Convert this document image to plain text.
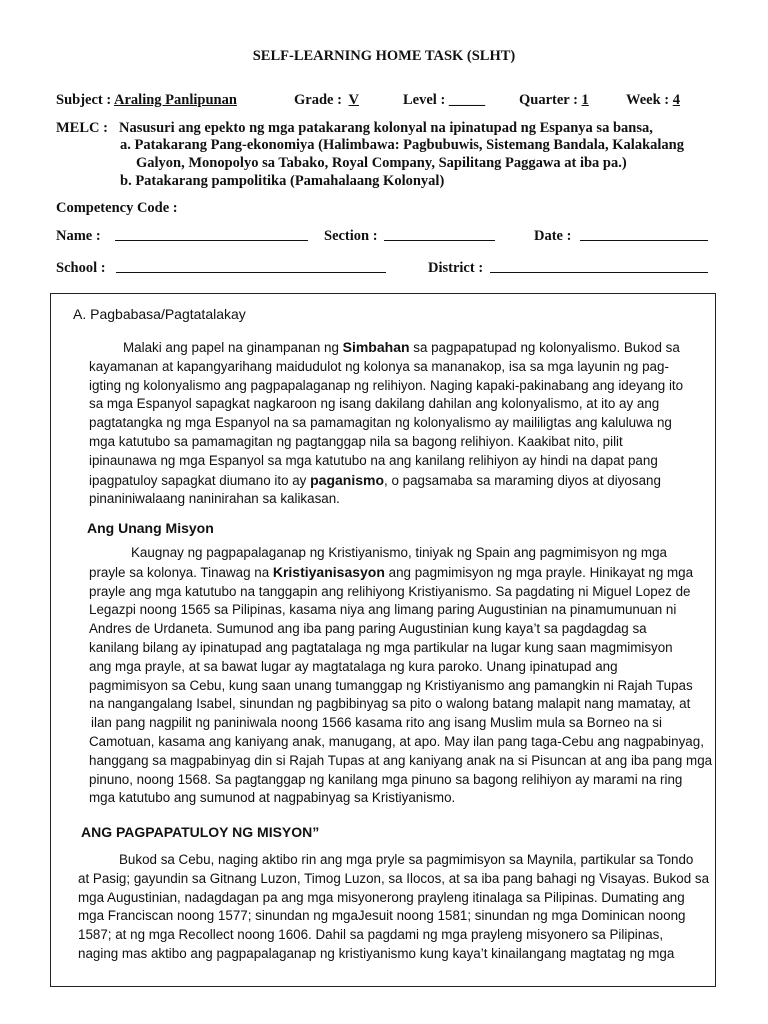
SELF-LEARNING HOME TASK (SLHT)
Subject : Araling Panlipunan	Grade : V	Level : _____ Quarter : 1	Week : 4
MELC : Nasusuri ang epekto ng mga patakarang kolonyal na ipinatupad ng Espanya sa bansa,
a. Patakarang Pang-ekonomiya (Halimbawa: Pagbubuwis, Sistemang Bandala, Kalakalang
Galyon, Monopolyo sa Tabako, Royal Company, Sapilitang Paggawa at iba pa.)
b. Patakarang pampolitika (Pamahalaang Kolonyal)
Competency Code :
Name :	Section :	Date :
School :	District :
A. Pagbabasa/Pagtatalakay
Malaki ang papel na ginampanan ng Simbahan sa pagpapatupad ng kolonyalismo. Bukod sa
kayamanan at kapangyarihang maidudulot ng kolonya sa mananakop, isa sa mga layunin ng pag-
igting ng kolonyalismo ang pagpapalaganap ng relihiyon. Naging kapaki-pakinabang ang ideyang ito
sa mga Espanyol sapagkat nagkaroon ng isang dakilang dahilan ang kolonyalismo, at ito ay ang
pagtatangka ng mga Espanyol na sa pamamagitan ng kolonyalismo ay maililigtas ang kaluluwa ng
mga katutubo sa pamamagitan ng pagtanggap nila sa bagong relihiyon. Kaakibat nito, pilit
ipinaunawa ng mga Espanyol sa mga katutubo na ang kanilang relihiyon ay hindi na dapat pang
ipagpatuloy sapagkat diumano ito ay paganismo, o pagsamaba sa maraming diyos at diyosang
pinaniniwalaang naninirahan sa kalikasan.
Ang Unang Misyon
Kaugnay ng pagpapalaganap ng Kristiyanismo, tiniyak ng Spain ang pagmimisyon ng mga
prayle sa kolonya. Tinawag na Kristiyanisasyon ang pagmimisyon ng mga prayle. Hinikayat ng mga
prayle ang mga katutubo na tanggapin ang relihiyong Kristiyanismo. Sa pagdating ni Miguel Lopez de
Legazpi noong 1565 sa Pilipinas, kasama niya ang limang paring Augustinian na pinamumunuan ni
Andres de Urdaneta. Sumunod ang iba pang paring Augustinian kung kaya’t sa pagdagdag sa
kanilang bilang ay ipinatupad ang pagtatalaga ng mga partikular na lugar kung saan magmimisyon
ang mga prayle, at sa bawat lugar ay magtatalaga ng kura paroko. Unang ipinatupad ang
pagmimisyon sa Cebu, kung saan unang tumanggap ng Kristiyanismo ang pamangkin ni Rajah Tupas
na nangangalang Isabel, sinundan ng pagbibinyag sa pito o walong batang malapit nang mamatay, at
ilan pang nagpilit ng paniniwala noong 1566 kasama rito ang isang Muslim mula sa Borneo na si
Camotuan, kasama ang kaniyang anak, manugang, at apo. May ilan pang taga-Cebu ang nagpabinyag,
hanggang sa magpabinyag din si Rajah Tupas at ang kaniyang anak na si Pisuncan at ang iba pang mga
pinuno, noong 1568. Sa pagtanggap ng kanilang mga pinuno sa bagong relihiyon ay marami na ring
mga katutubo ang sumunod at nagpabinyag sa Kristiyanismo.
ANG PAGPAPATULOY NG MISYON”
Bukod sa Cebu, naging aktibo rin ang mga pryle sa pagmimisyon sa Maynila, partikular sa Tondo
at Pasig; gayundin sa Gitnang Luzon, Timog Luzon, sa Ilocos, at sa iba pang bahagi ng Visayas. Bukod sa
mga Augustinian, nadagdagan pa ang mga misyonerong prayleng itinalaga sa Pilipinas. Dumating ang
mga Franciscan noong 1577; sinundan ng mgaJesuit noong 1581; sinundan ng mga Dominican noong
1587; at ng mga Recollect noong 1606. Dahil sa pagdami ng mga prayleng misyonero sa Pilipinas,
naging mas aktibo ang pagpapalaganap ng kristiyanismo kung kaya’t kinailangang magtatag ng mga
